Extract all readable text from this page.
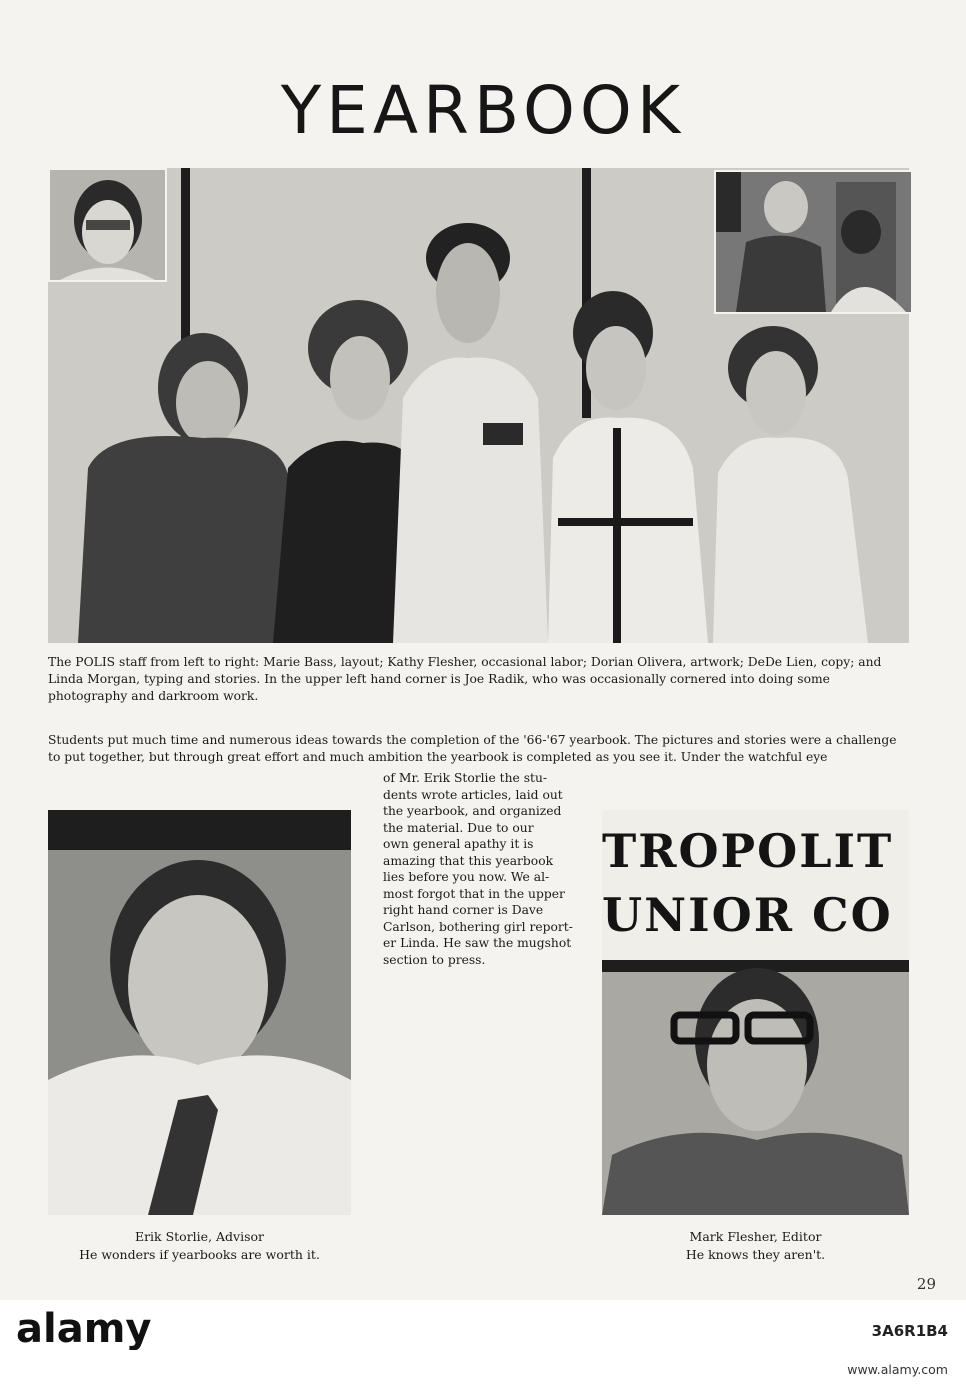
YEARBOOK
The POLIS staff from left to right: Marie Bass, layout; Kathy Flesher, occasional labor; Dorian Olivera, artwork; DeDe Lien, copy; and Linda Morgan, typing and stories. In the upper left hand corner is Joe Radik, who was occasionally cornered into doing some photography and darkroom work.
Students put much time and numerous ideas towards the completion of the '66-'67 yearbook. The pictures and stories were a challenge to put together, but through great effort and much ambition the yearbook is completed as you see it. Under the watchful eye
of Mr. Erik Storlie the stu-
dents wrote articles, laid out
the yearbook, and organized
the material. Due to our
own general apathy it is
amazing that this yearbook
lies before you now. We al-
most forgot that in the upper
right hand corner is Dave
Carlson, bothering girl report-
er Linda. He saw the mugshot
section to press.
TROPOLIT
UNIOR CO
Erik Storlie, Advisor
He wonders if yearbooks are worth it.
Mark Flesher, Editor
He knows they aren't.
29
alamy	3A6R1B4
www.alamy.com
